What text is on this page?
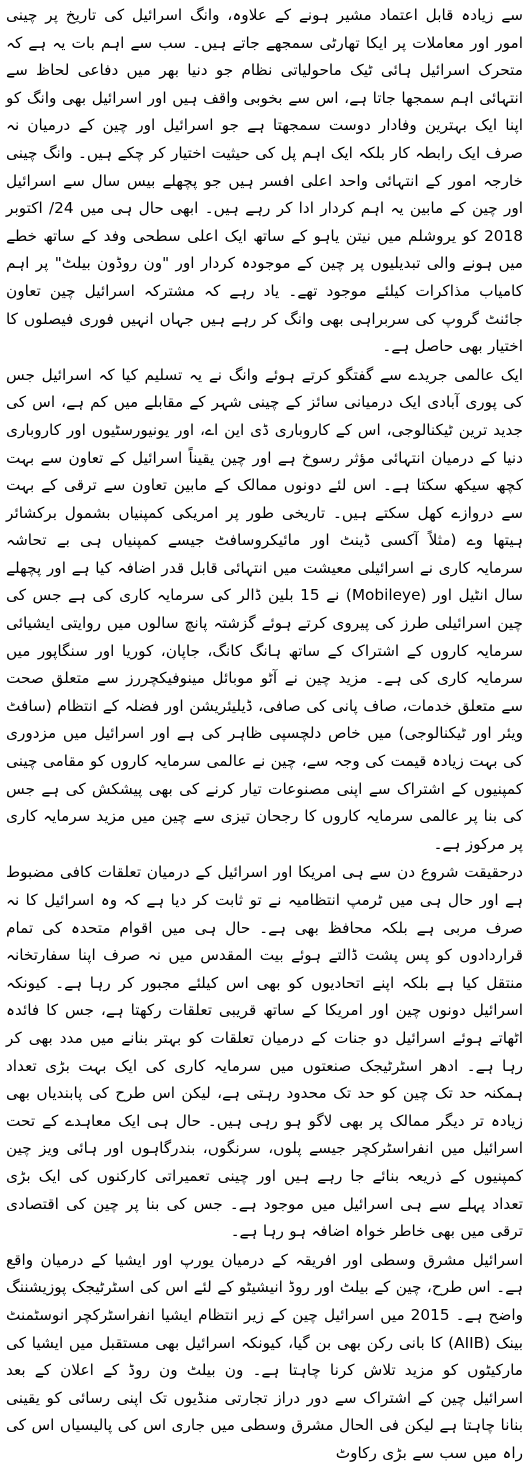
سے زیادہ قابل اعتماد مشیر ہونے کے علاوہ، وانگ اسرائیل کی تاریخ پر چینی امور اور معاملات پر ایکا تھارٹی سمجھے جاتے ہیں۔ سب سے اہم بات یہ ہے کہ متحرک اسرائیل ہائی ٹیک ماحولیاتی نظام جو دنیا بھر میں دفاعی لحاظ سے انتہائی اہم سمجھا جاتا ہے، اس سے بخوبی واقف ہیں اور اسرائیل بھی وانگ کو اپنا ایک بہترین وفادار دوست سمجھتا ہے جو اسرائیل اور چین کے درمیان نہ صرف ایک رابطہ کار بلکہ ایک اہم پل کی حیثیت اختیار کر چکے ہیں۔ وانگ چینی خارجہ امور کے انتہائی واحد اعلی افسر ہیں جو پچھلے بیس سال سے اسرائیل اور چین کے مابین یہ اہم کردار ادا کر رہے ہیں۔ ابھی حال ہی میں 24/ اکتوبر 2018 کو یروشلم میں نیتن یاہو کے ساتھ ایک اعلی سطحی وفد کے ساتھ خطے میں ہونے والی تبدیلیوں پر چین کے موجودہ کردار اور "ون روڈون بیلٹ" پر اہم کامیاب مذاکرات کیلئے موجود تھے۔ یاد رہے کہ مشترکہ اسرائیل چین تعاون جائنٹ گروپ کی سربراہی بھی وانگ کر رہے ہیں جہاں انہیں فوری فیصلوں کا اختیار بھی حاصل ہے۔

ایک عالمی جریدے سے گفتگو کرتے ہوئے وانگ نے یہ تسلیم کیا کہ اسرائیل جس کی پوری آبادی ایک درمیانی سائز کے چینی شہر کے مقابلے میں کم ہے، اس کی جدید ترین ٹیکنالوجی، اس کے کاروباری ڈی این اے، اور یونیورسٹیوں اور کاروباری دنیا کے درمیان انتہائی مؤثر رسوخ ہے اور چین یقیناً اسرائیل کے تعاون سے بہت کچھ سیکھ سکتا ہے۔ اس لئے دونوں ممالک کے مابین تعاون سے ترقی کے بہت سے دروازے کھل سکتے ہیں۔ تاریخی طور پر امریکی کمپنیاں بشمول برکشائر ہیتھا وے (مثلاً آکسی ڈینٹ اور مائیکروسافٹ جیسے کمپنیاں ہی بے تحاشہ سرمایہ کاری نے اسرائیلی معیشت میں انتہائی قابل قدر اضافہ کیا ہے اور پچھلے سال انٹیل اور (Mobileye) نے 15 بلین ڈالر کی سرمایہ کاری کی ہے جس کی چین اسرائیلی طرز کی پیروی کرتے ہوئے گزشتہ پانچ سالوں میں روایتی ایشیائی سرمایہ کاروں کے اشتراک کے ساتھ ہانگ کانگ، جاپان، کوریا اور سنگاپور میں سرمایہ کاری کی ہے۔ مزید چین نے آٹو موبائل مینوفیکچررز سے متعلق صحت سے متعلق خدمات، صاف پانی کی صافی، ڈیلیئریشن اور فضلہ کے انتظام (سافٹ ویئر اور ٹیکنالوجی) میں خاص دلچسپی ظاہر کی ہے اور اسرائیل میں مزدوری کی بہت زیادہ قیمت کی وجہ سے، چین نے عالمی سرمایہ کاروں کو مقامی چینی کمپنیوں کے اشتراک سے اپنی مصنوعات تیار کرنے کی بھی پیشکش کی ہے جس کی بنا پر عالمی سرمایہ کاروں کا رجحان تیزی سے چین میں مزید سرمایہ کاری پر مرکوز ہے۔

درحقیقت شروع دن سے ہی امریکا اور اسرائیل کے درمیان تعلقات کافی مضبوط ہے اور حال ہی میں ٹرمپ انتظامیہ نے تو ثابت کر دیا ہے کہ وہ اسرائیل کا نہ صرف مربی ہے بلکہ محافظ بھی ہے۔ حال ہی میں اقوام متحدہ کی تمام قراردادوں کو پس پشت ڈالتے ہوئے بیت المقدس میں نہ صرف اپنا سفارتخانہ منتقل کیا ہے بلکہ اپنے اتحادیوں کو بھی اس کیلئے مجبور کر رہا ہے۔ کیونکہ اسرائیل دونوں چین اور امریکا کے ساتھ قریبی تعلقات رکھتا ہے، جس کا فائدہ اٹھاتے ہوئے اسرائیل دو جنات کے درمیان تعلقات کو بہتر بنانے میں مدد بھی کر رہا ہے۔ ادھر اسٹرٹیجک صنعتوں میں سرمایہ کاری کی ایک بہت بڑی تعداد ہمکنہ حد تک چین کو حد تک محدود رہتی ہے، لیکن اس طرح کی پابندیاں بھی زیادہ تر دیگر ممالک پر بھی لاگو ہو رہی ہیں۔ حال ہی ایک معاہدے کے تحت اسرائیل میں انفراسٹرکچر جیسے پلوں، سرنگوں، بندرگاہوں اور ہائی ویز چین کمپنیوں کے ذریعہ بنائے جا رہے ہیں اور چینی تعمیراتی کارکنوں کی ایک بڑی تعداد پہلے سے ہی اسرائیل میں موجود ہے۔ جس کی بنا پر چین کی اقتصادی ترقی میں بھی خاطر خواہ اضافہ ہو رہا ہے۔

اسرائیل مشرق وسطی اور افریقہ کے درمیان یورپ اور ایشیا کے درمیان واقع ہے۔ اس طرح، چین کے بیلٹ اور روڈ انیشیٹو کے لئے اس کی اسٹرٹیجک پوزیشننگ واضح ہے۔ 2015 میں اسرائیل چین کے زیر انتظام ایشیا انفراسٹرکچر انوسٹمنٹ بینک (AIIB) کا بانی رکن بھی بن گیا، کیونکہ اسرائیل بھی مستقبل میں ایشیا کی مارکیٹوں کو مزید تلاش کرنا چاہتا ہے۔ ون بیلٹ ون روڈ کے اعلان کے بعد اسرائیل چین کے اشتراک سے دور دراز تجارتی منڈیوں تک اپنی رسائی کو یقینی بنانا چاہتا ہے لیکن فی الحال مشرق وسطی میں جاری اس کی پالیسیاں اس کی راہ میں سب سے بڑی رکاوٹ
